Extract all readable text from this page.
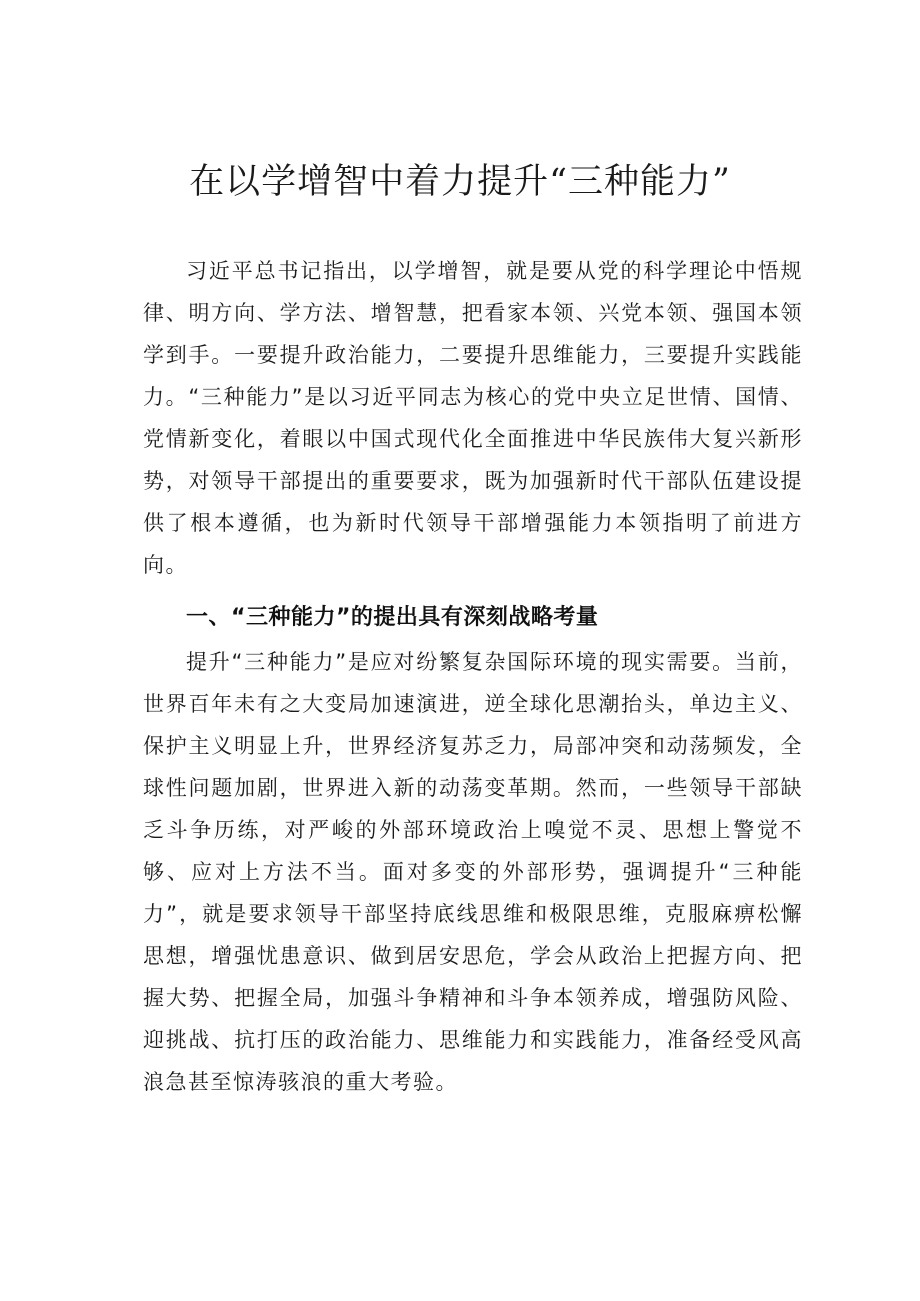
在以学增智中着力提升“三种能力”

习近平总书记指出，以学增智，就是要从党的科学理论中悟规律、明方向、学方法、增智慧，把看家本领、兴党本领、强国本领学到手。一要提升政治能力，二要提升思维能力，三要提升实践能力。“三种能力”是以习近平同志为核心的党中央立足世情、国情、党情新变化，着眼以中国式现代化全面推进中华民族伟大复兴新形势，对领导干部提出的重要要求，既为加强新时代干部队伍建设提供了根本遵循，也为新时代领导干部增强能力本领指明了前进方向。

一、“三种能力”的提出具有深刻战略考量

提升“三种能力”是应对纷繁复杂国际环境的现实需要。当前，世界百年未有之大变局加速演进，逆全球化思潮抬头，单边主义、保护主义明显上升，世界经济复苏乏力，局部冲突和动荡频发，全球性问题加剧，世界进入新的动荡变革期。然而，一些领导干部缺乏斗争历练，对严峻的外部环境政治上嗅觉不灵、思想上警觉不够、应对上方法不当。面对多变的外部形势，强调提升“三种能力”，就是要求领导干部坚持底线思维和极限思维，克服麻痹松懈思想，增强忧患意识、做到居安思危，学会从政治上把握方向、把握大势、把握全局，加强斗争精神和斗争本领养成，增强防风险、迎挑战、抗打压的政治能力、思维能力和实践能力，准备经受风高浪急甚至惊涛骇浪的重大考验。
